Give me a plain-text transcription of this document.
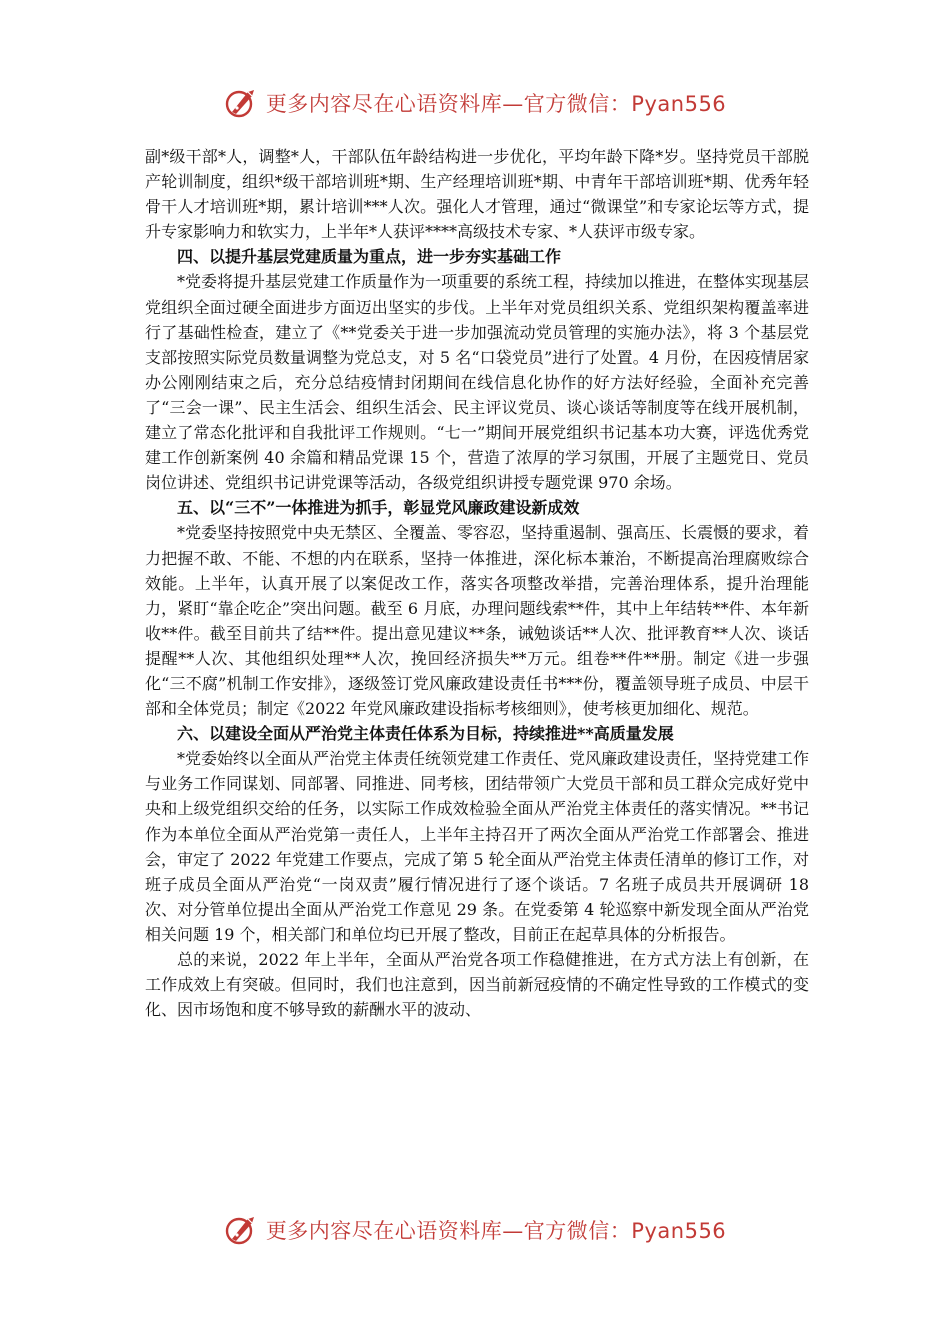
更多内容尽在心语资料库—官方微信：Pyan556

副*级干部*人，调整*人，干部队伍年龄结构进一步优化，平均年龄下降*岁。坚持党员干部脱产轮训制度，组织*级干部培训班*期、生产经理培训班*期、中青年干部培训班*期、优秀年轻骨干人才培训班*期，累计培训***人次。强化人才管理，通过“微课堂”和专家论坛等方式，提升专家影响力和软实力，上半年*人获评****高级技术专家、*人获评市级专家。

四、以提升基层党建质量为重点，进一步夯实基础工作

*党委将提升基层党建工作质量作为一项重要的系统工程，持续加以推进，在整体实现基层党组织全面过硬全面进步方面迈出坚实的步伐。上半年对党员组织关系、党组织架构覆盖率进行了基础性检查，建立了《**党委关于进一步加强流动党员管理的实施办法》，将 3 个基层党支部按照实际党员数量调整为党总支，对 5 名“口袋党员”进行了处置。4 月份，在因疫情居家办公刚刚结束之后，充分总结疫情封闭期间在线信息化协作的好方法好经验，全面补充完善了“三会一课”、民主生活会、组织生活会、民主评议党员、谈心谈话等制度等在线开展机制，建立了常态化批评和自我批评工作规则。“七一”期间开展党组织书记基本功大赛，评选优秀党建工作创新案例 40 余篇和精品党课 15 个，营造了浓厚的学习氛围，开展了主题党日、党员岗位讲述、党组织书记讲党课等活动，各级党组织讲授专题党课 970 余场。

五、以“三不”一体推进为抓手，彰显党风廉政建设新成效

*党委坚持按照党中央无禁区、全覆盖、零容忍，坚持重遏制、强高压、长震慑的要求，着力把握不敢、不能、不想的内在联系，坚持一体推进，深化标本兼治，不断提高治理腐败综合效能。上半年，认真开展了以案促改工作，落实各项整改举措，完善治理体系，提升治理能力，紧盯“靠企吃企”突出问题。截至 6 月底，办理问题线索**件，其中上年结转**件、本年新收**件。截至目前共了结**件。提出意见建议**条，诫勉谈话**人次、批评教育**人次、谈话提醒**人次、其他组织处理**人次，挽回经济损失**万元。组卷**件**册。制定《进一步强化“三不腐”机制工作安排》，逐级签订党风廉政建设责任书***份，覆盖领导班子成员、中层干部和全体党员；制定《2022 年党风廉政建设指标考核细则》，使考核更加细化、规范。

六、以建设全面从严治党主体责任体系为目标，持续推进**高质量发展

*党委始终以全面从严治党主体责任统领党建工作责任、党风廉政建设责任，坚持党建工作与业务工作同谋划、同部署、同推进、同考核，团结带领广大党员干部和员工群众完成好党中央和上级党组织交给的任务，以实际工作成效检验全面从严治党主体责任的落实情况。**书记作为本单位全面从严治党第一责任人，上半年主持召开了两次全面从严治党工作部署会、推进会，审定了 2022 年党建工作要点，完成了第 5 轮全面从严治党主体责任清单的修订工作，对班子成员全面从严治党“一岗双责”履行情况进行了逐个谈话。7 名班子成员共开展调研 18 次、对分管单位提出全面从严治党工作意见 29 条。在党委第 4 轮巡察中新发现全面从严治党相关问题 19 个，相关部门和单位均已开展了整改，目前正在起草具体的分析报告。

总的来说，2022 年上半年，全面从严治党各项工作稳健推进，在方式方法上有创新，在工作成效上有突破。但同时，我们也注意到，因当前新冠疫情的不确定性导致的工作模式的变化、因市场饱和度不够导致的薪酬水平的波动、

更多内容尽在心语资料库—官方微信：Pyan556
